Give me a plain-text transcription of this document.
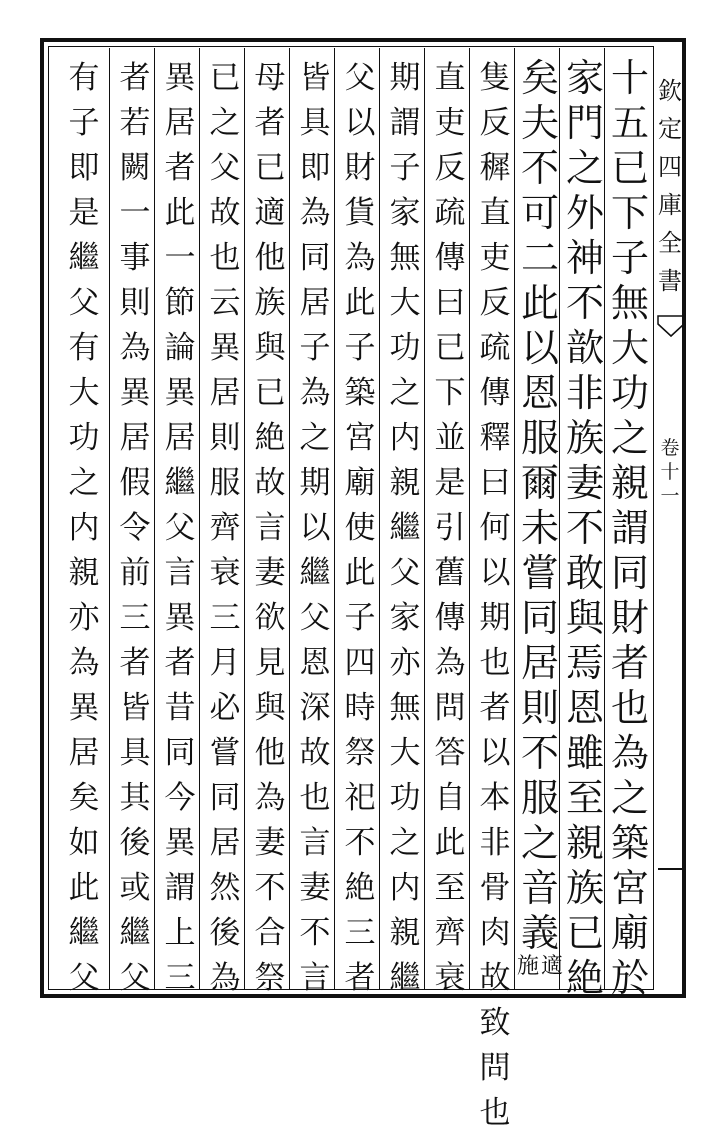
欽
定
四
庫
全
書
卷
十
一
十
五
已
下
子
無
大
功
之
親
謂
同
財
者
也
為
之
築
宮
廟
於
家
門
之
外
神
不
歆
非
族
妻
不
敢
與
焉
恩
雖
至
親
族
已
絶
矣
夫
不
可
二
此
以
恩
服
爾
未
嘗
同
居
則
不
服
之
音
義
施 適
隻
反
穉
直
吏
反
疏
傳
釋
曰
何
以
期
也
者
以
本
非
骨
肉
故
致
問
也
直
吏
反
疏
傳
曰
已
下
並
是
引
舊
傳
為
問
答
自
此
至
齊
衰
期
謂
子
家
無
大
功
之
内
親
繼
父
家
亦
無
大
功
之
内
親
繼
父
以
財
貨
為
此
子
築
宮
廟
使
此
子
四
時
祭
祀
不
絶
三
者
皆
具
即
為
同
居
子
為
之
期
以
繼
父
恩
深
故
也
言
妻
不
言
母
者
已
適
他
族
與
已
絶
故
言
妻
欲
見
與
他
為
妻
不
合
祭
已
之
父
故
也
云
異
居
則
服
齊
衰
三
月
必
嘗
同
居
然
後
為
異
居
者
此
一
節
論
異
居
繼
父
言
異
者
昔
同
今
異
謂
上
三
者
若
闕
一
事
則
為
異
居
假
令
前
三
者
皆
具
其
後
或
繼
父
有
子
即
是
繼
父
有
大
功
之
内
親
亦
為
異
居
矣
如
此
繼
父
